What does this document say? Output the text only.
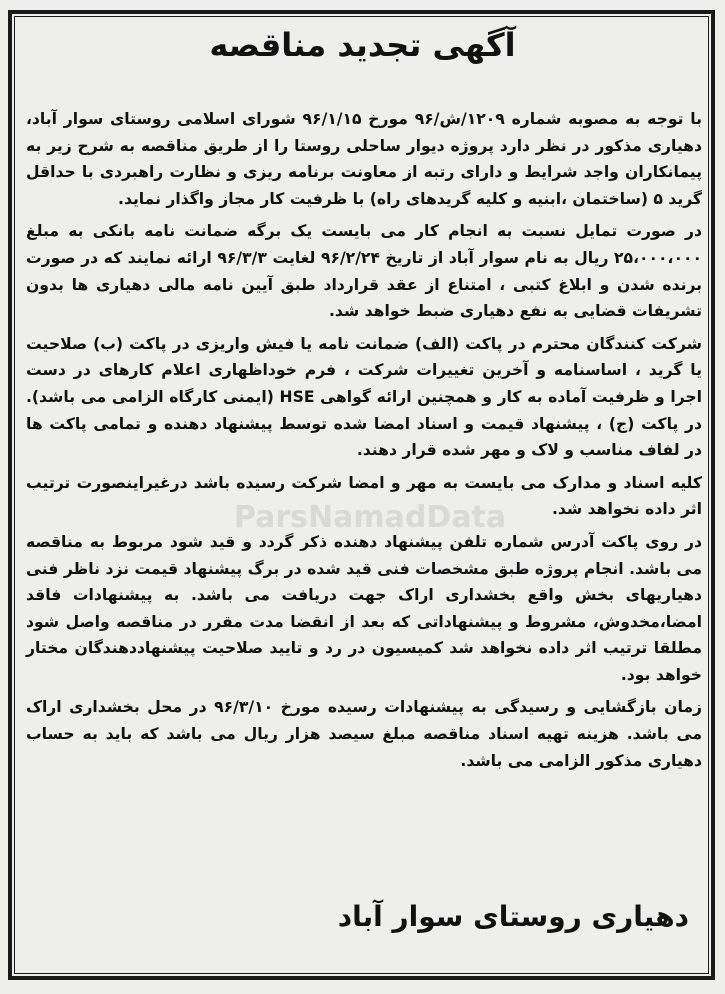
ParsNamadData
آگهی تجدید مناقصه

با توجه به مصوبه شماره ۱۲۰۹/ش/۹۶ مورخ ۹۶/۱/۱۵ شورای اسلامی روستای سوار آباد، دهیاری مذکور در نظر دارد پروژه دیوار ساحلی روستا را از طریق مناقصه به شرح زیر به پیمانکاران واجد شرایط و دارای رتبه از معاونت برنامه ریزی و نظارت راهبردی با حداقل گرید ۵ (ساختمان ،ابنیه و کلیه گریدهای راه) با ظرفیت کار مجاز واگذار نماید.

در صورت تمایل نسبت به انجام کار می بایست یک برگه ضمانت نامه بانکی به مبلغ ۲۵،۰۰۰،۰۰۰ ریال به نام سوار آباد از تاریخ ۹۶/۲/۲۴ لغایت ۹۶/۳/۳ ارائه نمایند که در صورت برنده شدن و ابلاغ کتبی ، امتناع از عقد قرارداد طبق آیین نامه مالی دهیاری ها بدون تشریفات قضایی به نفع دهیاری ضبط خواهد شد.

شرکت کنندگان محترم در پاکت (الف) ضمانت نامه یا فیش واریزی در پاکت (ب) صلاحیت یا گرید ، اساسنامه و آخرین تغییرات شرکت ، فرم خوداظهاری اعلام کارهای در دست اجرا و ظرفیت آماده به کار و همچنین ارائه گواهی HSE (ایمنی کارگاه الزامی می باشد). در پاکت (ج) ، پیشنهاد قیمت و اسناد امضا شده توسط پیشنهاد دهنده و تمامی پاکت ها در لفاف مناسب و لاک و مهر شده قرار دهند.

کلیه اسناد و مدارک می بایست به مهر و امضا شرکت رسیده باشد درغیراینصورت ترتیب اثر داده نخواهد شد.

در روی پاکت آدرس شماره تلفن پیشنهاد دهنده ذکر گردد و قید شود مربوط به مناقصه می باشد. انجام پروژه طبق مشخصات فنی قید شده در برگ پیشنهاد قیمت نزد ناظر فنی دهیاریهای بخش واقع بخشداری اراک جهت دریافت می باشد. به پیشنهادات فاقد امضا،مخدوش، مشروط و پیشنهاداتی که بعد از انقضا مدت مقرر در مناقصه واصل شود مطلقا ترتیب اثر داده نخواهد شد کمیسیون در رد و تایید صلاحیت پیشنهاددهندگان مختار خواهد بود.

زمان بازگشایی و رسیدگی به پیشنهادات رسیده مورخ ۹۶/۳/۱۰ در محل بخشداری اراک می باشد. هزینه تهیه اسناد مناقصه مبلغ سیصد هزار ریال می باشد که باید به حساب دهیاری مذکور الزامی می باشد.

دهیاری روستای سوار آباد
